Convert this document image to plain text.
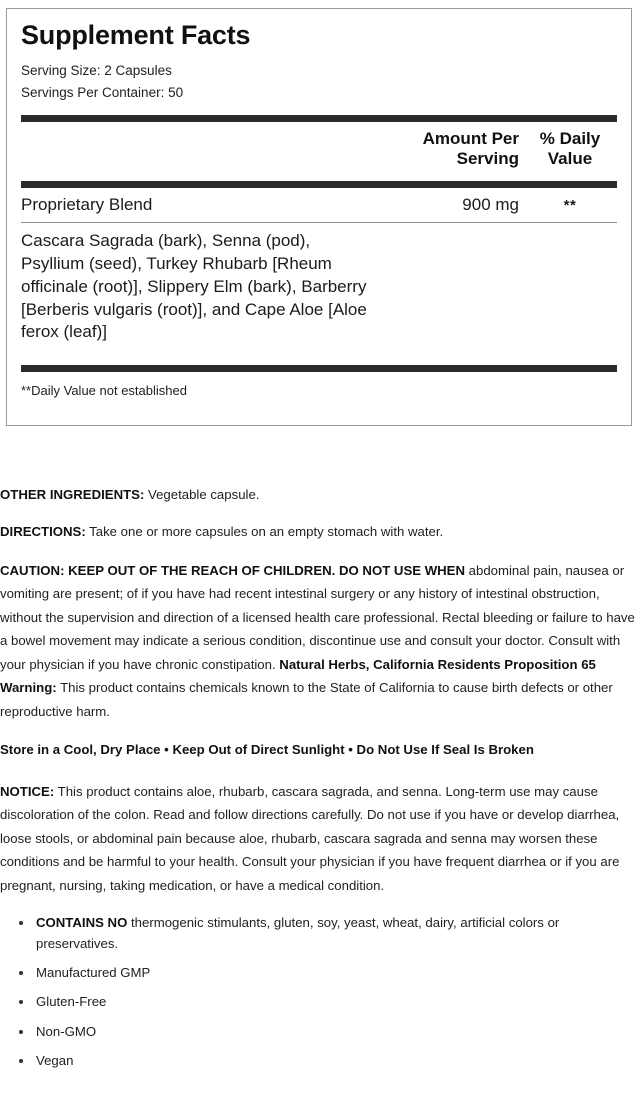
Supplement Facts
Serving Size: 2 Capsules
Servings Per Container: 50
Amount Per
Serving
% Daily
Value
Proprietary Blend	900 mg	**
Cascara Sagrada (bark), Senna (pod), Psyllium (seed), Turkey Rhubarb [Rheum officinale (root)], Slippery Elm (bark), Barberry [Berberis vulgaris (root)], and Cape Aloe [Aloe ferox (leaf)]
**Daily Value not established

OTHER INGREDIENTS: Vegetable capsule.

DIRECTIONS: Take one or more capsules on an empty stomach with water.

CAUTION: KEEP OUT OF THE REACH OF CHILDREN. DO NOT USE WHEN abdominal pain, nausea or vomiting are present; of if you have had recent intestinal surgery or any history of intestinal obstruction, without the supervision and direction of a licensed health care professional. Rectal bleeding or failure to have a bowel movement may indicate a serious condition, discontinue use and consult your doctor. Consult with your physician if you have chronic constipation. Natural Herbs, California Residents Proposition 65 Warning: This product contains chemicals known to the State of California to cause birth defects or other reproductive harm.

Store in a Cool, Dry Place • Keep Out of Direct Sunlight • Do Not Use If Seal Is Broken

NOTICE: This product contains aloe, rhubarb, cascara sagrada, and senna. Long-term use may cause discoloration of the colon. Read and follow directions carefully. Do not use if you have or develop diarrhea, loose stools, or abdominal pain because aloe, rhubarb, cascara sagrada and senna may worsen these conditions and be harmful to your health. Consult your physician if you have frequent diarrhea or if you are pregnant, nursing, taking medication, or have a medical condition.

CONTAINS NO thermogenic stimulants, gluten, soy, yeast, wheat, dairy, artificial colors or preservatives.
Manufactured GMP
Gluten-Free
Non-GMO
Vegan
